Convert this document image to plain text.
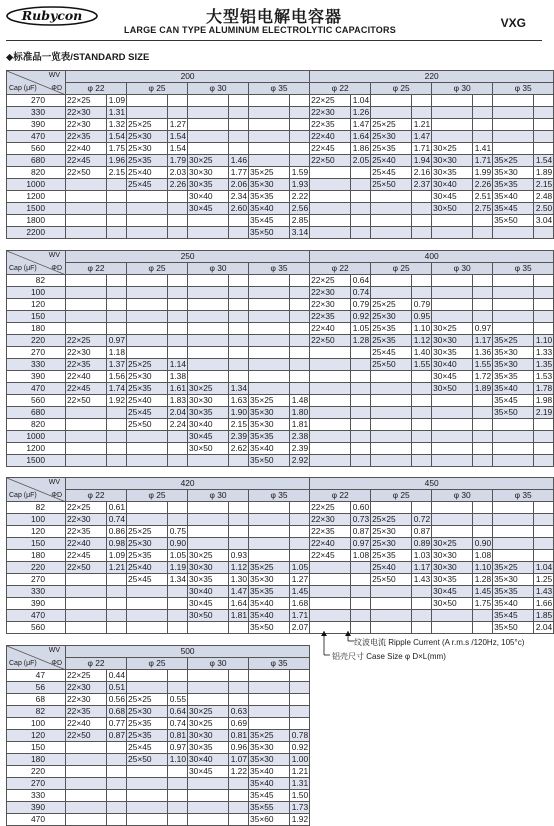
Rubycon	大型铝电解电容器
LARGE CAN TYPE ALUMINUM ELECTROLYTIC CAPACITORS	VXG
◆标准品一览表/STANDARD SIZE
WV
ΦD
Cap (μF)	200								220							
	φ 22		φ 25		φ 30		φ 35		φ 22		φ 25		φ 30		φ 35	
270	22×25	1.09							22×25	1.04						
330	22×30	1.31							22×30	1.26						
390	22×30	1.32	25×25	1.27					22×35	1.47	25×25	1.21				
470	22×35	1.54	25×30	1.54					22×40	1.64	25×30	1.47				
560	22×40	1.75	25×30	1.54					22×45	1.86	25×35	1.71	30×25	1.41		
680	22×45	1.96	25×35	1.79	30×25	1.46			22×50	2.05	25×40	1.94	30×30	1.71	35×25	1.54
820	22×50	2.15	25×40	2.03	30×30	1.77	35×25	1.59			25×45	2.16	30×35	1.99	35×30	1.89
1000			25×45	2.26	30×35	2.06	35×30	1.93			25×50	2.37	30×40	2.26	35×35	2.15
1200					30×40	2.34	35×35	2.22					30×45	2.51	35×40	2.48
1500					30×45	2.60	35×40	2.56					30×50	2.75	35×45	2.50
1800							35×45	2.85							35×50	3.04
2200							35×50	3.14								
WV
ΦD
Cap (μF)	250								400							
	φ 22		φ 25		φ 30		φ 35		φ 22		φ 25		φ 30		φ 35	
82									22×25	0.64						
100									22×30	0.74						
120									22×30	0.79	25×25	0.79				
150									22×35	0.92	25×30	0.95				
180									22×40	1.05	25×35	1.10	30×25	0.97		
220	22×25	0.97							22×50	1.28	25×35	1.12	30×30	1.17	35×25	1.10
270	22×30	1.18									25×45	1.40	30×35	1.36	35×30	1.33
330	22×35	1.37	25×25	1.14							25×50	1.55	30×40	1.55	35×30	1.35
390	22×40	1.56	25×30	1.38									30×45	1.72	35×35	1.53
470	22×45	1.74	25×35	1.61	30×25	1.34							30×50	1.89	35×40	1.78
560	22×50	1.92	25×40	1.83	30×30	1.63	35×25	1.48							35×45	1.98
680			25×45	2.04	30×35	1.90	35×30	1.80							35×50	2.19
820			25×50	2.24	30×40	2.15	35×30	1.81								
1000					30×45	2.39	35×35	2.38								
1200					30×50	2.62	35×40	2.39								
1500							35×50	2.92								
WV
ΦD
Cap (μF)	420								450							
	φ 22		φ 25		φ 30		φ 35		φ 22		φ 25		φ 30		φ 35	
82	22×25	0.61							22×25	0.60						
100	22×30	0.74							22×30	0.73	25×25	0.72				
120	22×35	0.86	25×25	0.75					22×35	0.87	25×30	0.87				
150	22×40	0.98	25×30	0.90					22×40	0.97	25×30	0.89	30×25	0.90		
180	22×45	1.09	25×35	1.05	30×25	0.93			22×45	1.08	25×35	1.03	30×30	1.08		
220	22×50	1.21	25×40	1.19	30×30	1.12	35×25	1.05			25×40	1.17	30×30	1.10	35×25	1.04
270			25×45	1.34	30×35	1.30	35×30	1.27			25×50	1.43	30×35	1.28	35×30	1.25
330					30×40	1.47	35×35	1.45					30×45	1.45	35×35	1.43
390					30×45	1.64	35×40	1.68					30×50	1.75	35×40	1.66
470					30×50	1.81	35×40	1.71							35×45	1.85
560							35×50	2.07							35×50	2.04
WV
ΦD
Cap (μF)	500							
	φ 22		φ 25		φ 30		φ 35	
47	22×25	0.44						
56	22×30	0.51						
68	22×30	0.56	25×25	0.55				
82	22×35	0.68	25×30	0.64	30×25	0.63		
100	22×40	0.77	25×35	0.74	30×25	0.69		
120	22×50	0.87	25×35	0.81	30×30	0.81	35×25	0.78
150			25×45	0.97	30×35	0.96	35×30	0.92
180			25×50	1.10	30×40	1.07	35×30	1.00
220					30×45	1.22	35×40	1.21
270							35×40	1.31
330							35×45	1.50
390							35×55	1.73
470							35×60	1.92
纹波电流 Ripple Current (A r.m.s /120Hz, 105°c)
铝壳尺寸 Case Size φ D×L(mm)
